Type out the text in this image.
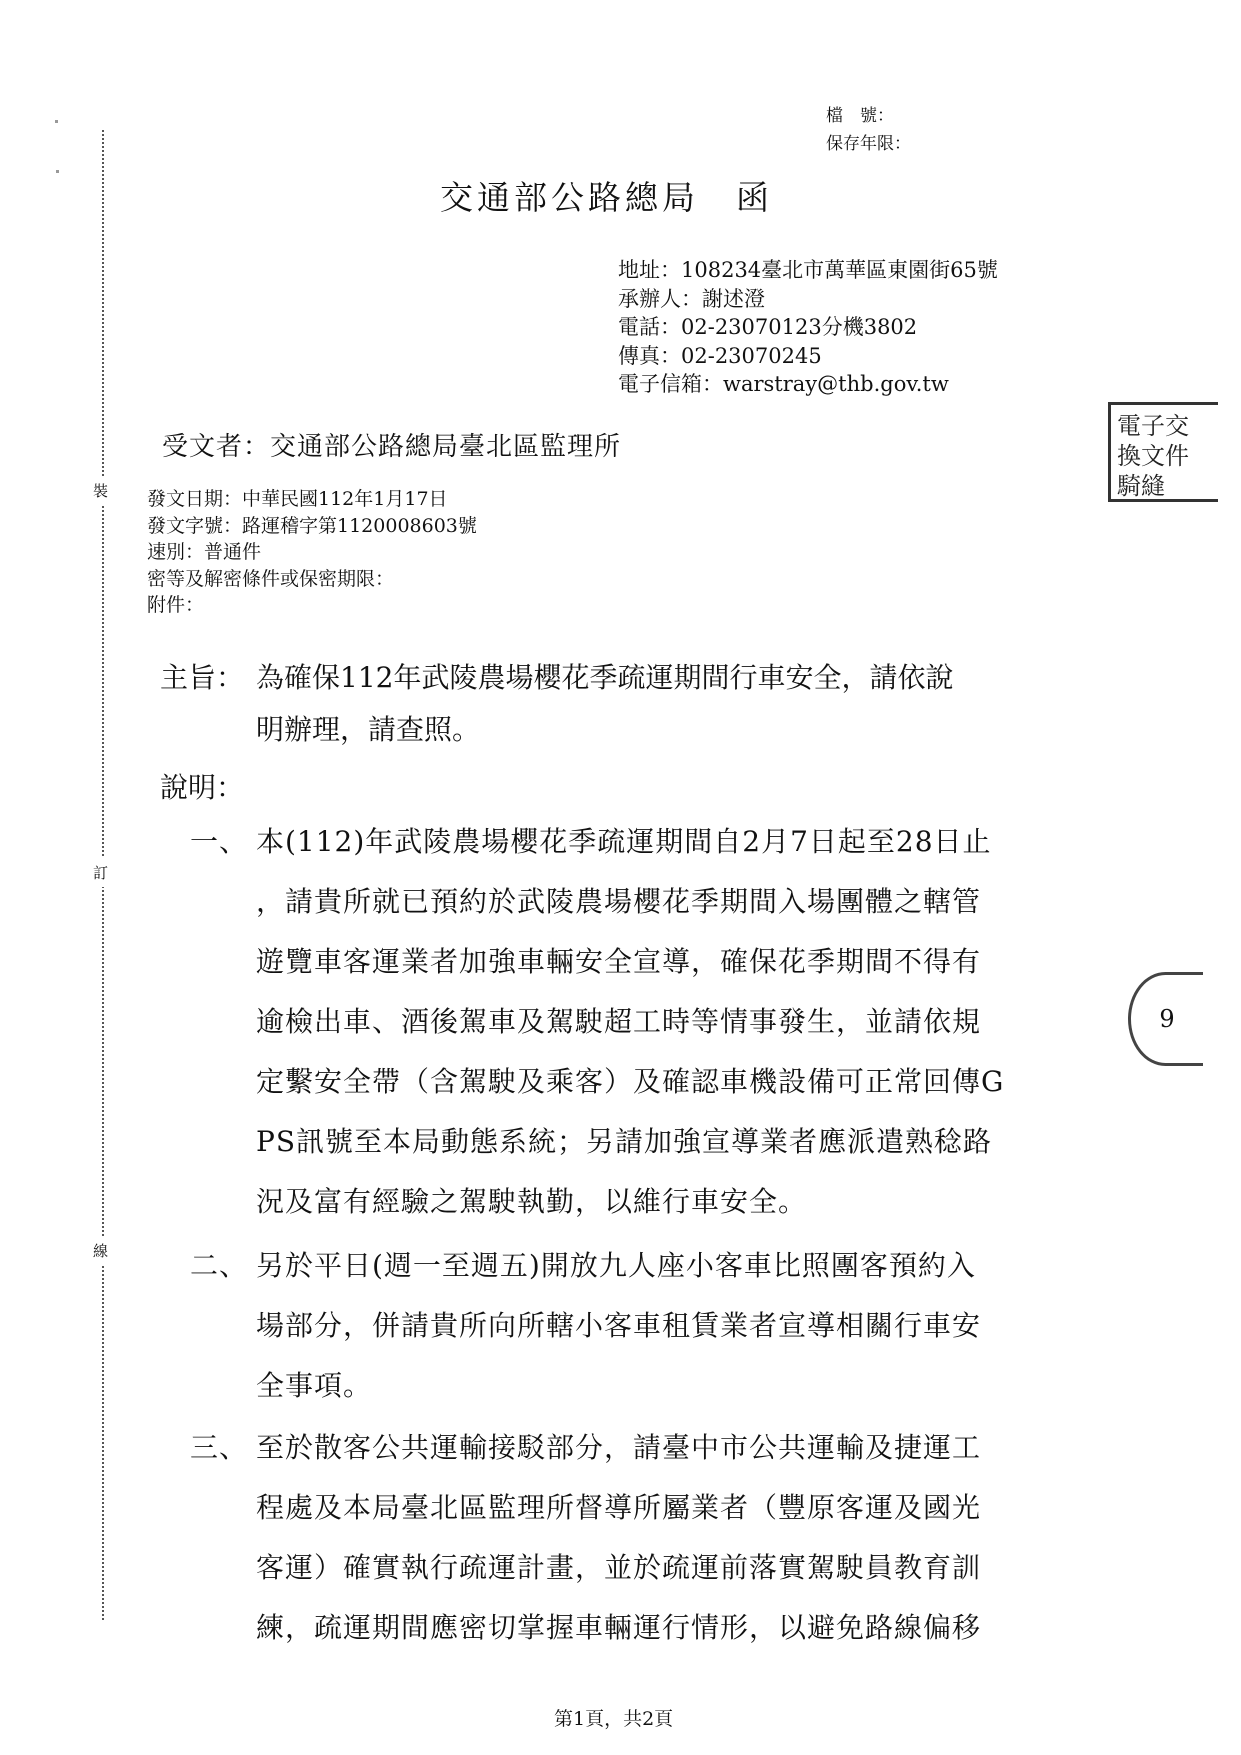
裝
訂
線
檔　號：
保存年限：
交通部公路總局　函
地址：108234臺北市萬華區東園街65號
承辦人：謝述澄
電話：02-23070123分機3802
傳真：02-23070245
電子信箱：warstray@thb.gov.tw
電子交換文件騎縫
受文者：交通部公路總局臺北區監理所
發文日期：中華民國112年1月17日
發文字號：路運稽字第1120008603號
速別：普通件
密等及解密條件或保密期限：
附件：
主旨： 為確保112年武陵農場櫻花季疏運期間行車安全，請依說
明辦理，請查照。
說明：
一、 本(112)年武陵農場櫻花季疏運期間自2月7日起至28日止
，請貴所就已預約於武陵農場櫻花季期間入場團體之轄管
遊覽車客運業者加強車輛安全宣導，確保花季期間不得有
逾檢出車、酒後駕車及駕駛超工時等情事發生，並請依規
定繫安全帶（含駕駛及乘客）及確認車機設備可正常回傳G
PS訊號至本局動態系統；另請加強宣導業者應派遣熟稔路
況及富有經驗之駕駛執勤，以維行車安全。
9
二、 另於平日(週一至週五)開放九人座小客車比照團客預約入
場部分，併請貴所向所轄小客車租賃業者宣導相關行車安
全事項。
三、 至於散客公共運輸接駁部分，請臺中市公共運輸及捷運工
程處及本局臺北區監理所督導所屬業者（豐原客運及國光
客運）確實執行疏運計畫，並於疏運前落實駕駛員教育訓
練，疏運期間應密切掌握車輛運行情形，以避免路線偏移
第1頁，共2頁
